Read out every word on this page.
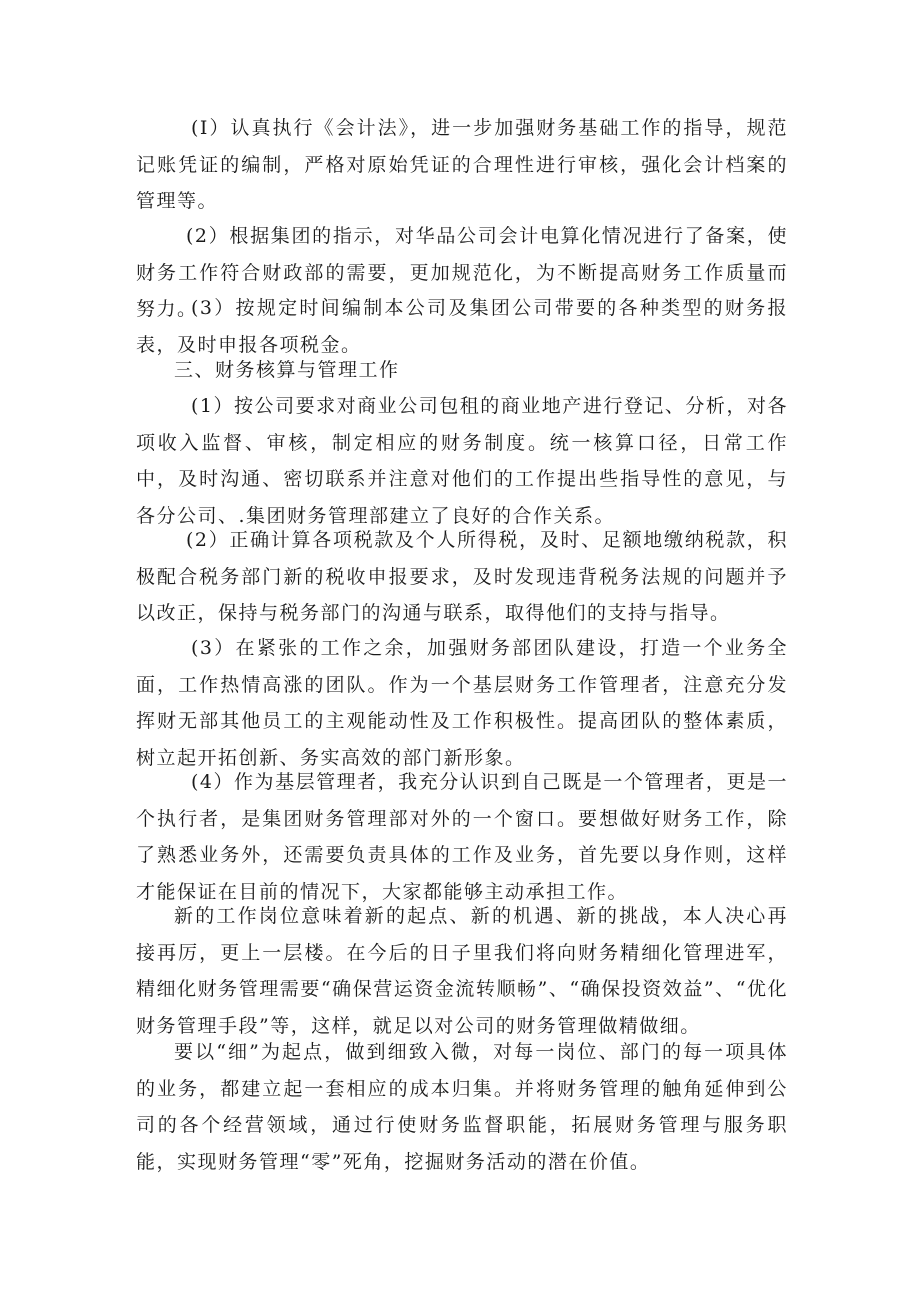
(I）认真执行《会计法》，进一步加强财务基础工作的指导，规范记账凭证的编制，严格对原始凭证的合理性进行审核，强化会计档案的管理等。

(2）根据集团的指示，对华品公司会计电算化情况进行了备案，使财务工作符合财政部的需要，更加规范化，为不断提高财务工作质量而努力。

(3）按规定时间编制本公司及集团公司带要的各种类型的财务报表，及时申报各项税金。

三、财务核算与管理工作

(1）按公司要求对商业公司包租的商业地产进行登记、分析，对各项收入监督、审核，制定相应的财务制度。统一核算口径，日常工作中，及时沟通、密切联系并注意对他们的工作提出些指导性的意见，与各分公司、.集团财务管理部建立了良好的合作关系。

(2）正确计算各项税款及个人所得税，及时、足额地缴纳税款，积极配合税务部门新的税收申报要求，及时发现违背税务法规的问题并予以改正，保持与税务部门的沟通与联系，取得他们的支持与指导。

(3）在紧张的工作之余，加强财务部团队建设，打造一个业务全面，工作热情高涨的团队。作为一个基层财务工作管理者，注意充分发挥财无部其他员工的主观能动性及工作积极性。提高团队的整体素质，树立起开拓创新、务实高效的部门新形象。

(4）作为基层管理者，我充分认识到自己既是一个管理者，更是一个执行者，是集团财务管理部对外的一个窗口。要想做好财务工作，除了熟悉业务外，还需要负责具体的工作及业务，首先要以身作则，这样才能保证在目前的情况下，大家都能够主动承担工作。

新的工作岗位意味着新的起点、新的机遇、新的挑战，本人决心再接再厉，更上一层楼。在今后的日子里我们将向财务精细化管理进军，精细化财务管理需要“确保营运资金流转顺畅”、“确保投资效益”、“优化财务管理手段”等，这样，就足以对公司的财务管理做精做细。

要以“细”为起点，做到细致入微，对每一岗位、部门的每一项具体的业务，都建立起一套相应的成本归集。并将财务管理的触角延伸到公司的各个经营领域，通过行使财务监督职能，拓展财务管理与服务职能，实现财务管理“零”死角，挖掘财务活动的潜在价值。
